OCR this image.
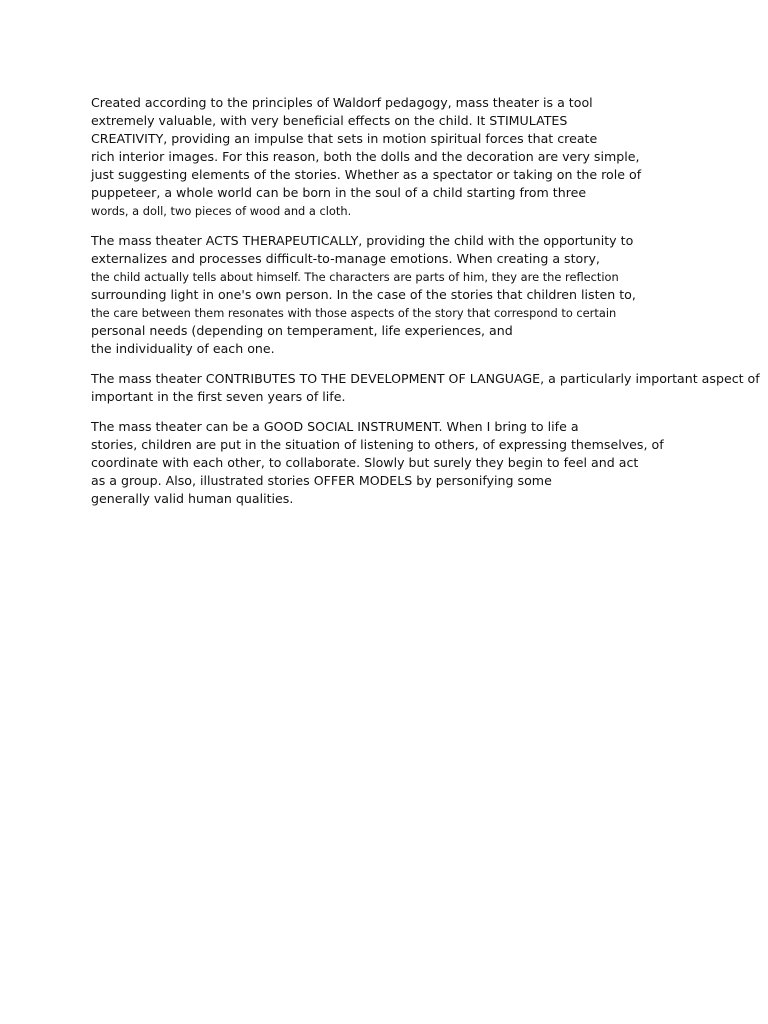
Created according to the principles of Waldorf pedagogy, mass theater is a tool
extremely valuable, with very beneficial effects on the child. It STIMULATES
CREATIVITY, providing an impulse that sets in motion spiritual forces that create
rich interior images. For this reason, both the dolls and the decoration are very simple,
just suggesting elements of the stories. Whether as a spectator or taking on the role of
puppeteer, a whole world can be born in the soul of a child starting from three
words, a doll, two pieces of wood and a cloth.
The mass theater ACTS THERAPEUTICALLY, providing the child with the opportunity to
externalizes and processes difficult-to-manage emotions. When creating a story,
the child actually tells about himself. The characters are parts of him, they are the reflection
surrounding light in one's own person. In the case of the stories that children listen to,
the care between them resonates with those aspects of the story that correspond to certain
personal needs (depending on temperament, life experiences, and
the individuality of each one.
The mass theater CONTRIBUTES TO THE DEVELOPMENT OF LANGUAGE, a particularly important aspect of
important in the first seven years of life.
The mass theater can be a GOOD SOCIAL INSTRUMENT. When I bring to life a
stories, children are put in the situation of listening to others, of expressing themselves, of
coordinate with each other, to collaborate. Slowly but surely they begin to feel and act
as a group. Also, illustrated stories OFFER MODELS by personifying some
generally valid human qualities.
